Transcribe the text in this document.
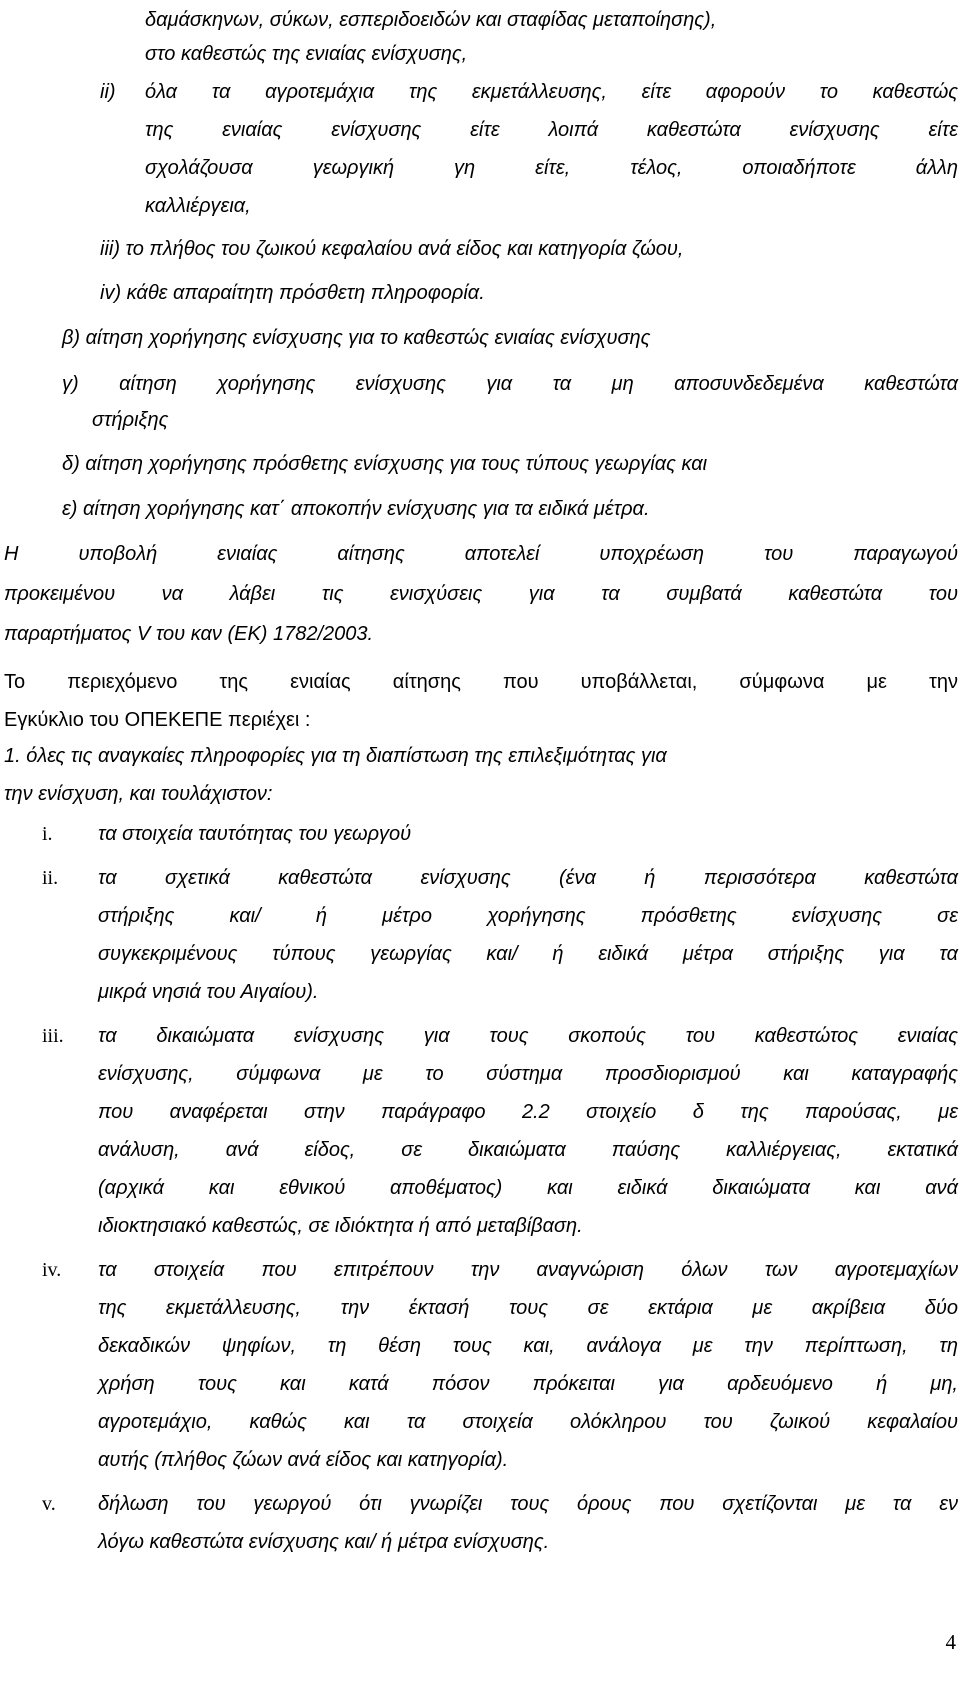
δαμάσκηνων, σύκων, εσπεριδοειδών και σταφίδας μεταποίησης),
στο καθεστώς της ενιαίας ενίσχυσης,
ii) όλα τα αγροτεμάχια της εκμετάλλευσης, είτε αφορούν το καθεστώς
της ενιαίας ενίσχυσης είτε λοιπά καθεστώτα ενίσχυσης είτε
σχολάζουσα γεωργική γη είτε, τέλος, οποιαδήποτε άλλη
καλλιέργεια,
iii) το πλήθος του ζωικού κεφαλαίου ανά είδος και κατηγορία ζώου,
iv) κάθε απαραίτητη πρόσθετη πληροφορία.
β) αίτηση χορήγησης ενίσχυσης για το καθεστώς ενιαίας ενίσχυσης
γ) αίτηση χορήγησης ενίσχυσης για τα μη αποσυνδεδεμένα καθεστώτα
στήριξης
δ) αίτηση χορήγησης πρόσθετης ενίσχυσης για τους τύπους γεωργίας και
ε) αίτηση χορήγησης κατ΄ αποκοπήν ενίσχυσης για τα ειδικά μέτρα.
Η υποβολή ενιαίας αίτησης αποτελεί υποχρέωση του παραγωγού
προκειμένου να λάβει τις ενισχύσεις για τα συμβατά καθεστώτα του
παραρτήματος V του καν (ΕΚ) 1782/2003.
Το περιεχόμενο της ενιαίας αίτησης που υποβάλλεται, σύμφωνα με την
Εγκύκλιο του ΟΠΕΚΕΠΕ περιέχει :
1. όλες τις αναγκαίες πληροφορίες για τη διαπίστωση της επιλεξιμότητας για
την ενίσχυση, και τουλάχιστον:
i. τα στοιχεία ταυτότητας του γεωργού
ii. τα σχετικά καθεστώτα ενίσχυσης (ένα ή περισσότερα καθεστώτα
στήριξης και/ ή μέτρο χορήγησης πρόσθετης ενίσχυσης σε
συγκεκριμένους τύπους γεωργίας και/ ή ειδικά μέτρα στήριξης για τα
μικρά νησιά του Αιγαίου).
iii. τα δικαιώματα ενίσχυσης για τους σκοπούς του καθεστώτος ενιαίας
ενίσχυσης, σύμφωνα με το σύστημα προσδιορισμού και καταγραφής
που αναφέρεται στην παράγραφο 2.2 στοιχείο δ της παρούσας, με
ανάλυση, ανά είδος, σε δικαιώματα παύσης καλλιέργειας, εκτατικά
(αρχικά και εθνικού αποθέματος) και ειδικά δικαιώματα και ανά
ιδιοκτησιακό καθεστώς, σε ιδιόκτητα ή από μεταβίβαση.
iv. τα στοιχεία που επιτρέπουν την αναγνώριση όλων των αγροτεμαχίων
της εκμετάλλευσης, την έκτασή τους σε εκτάρια με ακρίβεια δύο
δεκαδικών ψηφίων, τη θέση τους και, ανάλογα με την περίπτωση, τη
χρήση τους και κατά πόσον πρόκειται για αρδευόμενο ή μη,
αγροτεμάχιο, καθώς και τα στοιχεία ολόκληρου του ζωικού κεφαλαίου
αυτής (πλήθος ζώων ανά είδος και κατηγορία).
v. δήλωση του γεωργού ότι γνωρίζει τους όρους που σχετίζονται με τα εν
λόγω καθεστώτα ενίσχυσης και/ ή μέτρα ενίσχυσης.
4
